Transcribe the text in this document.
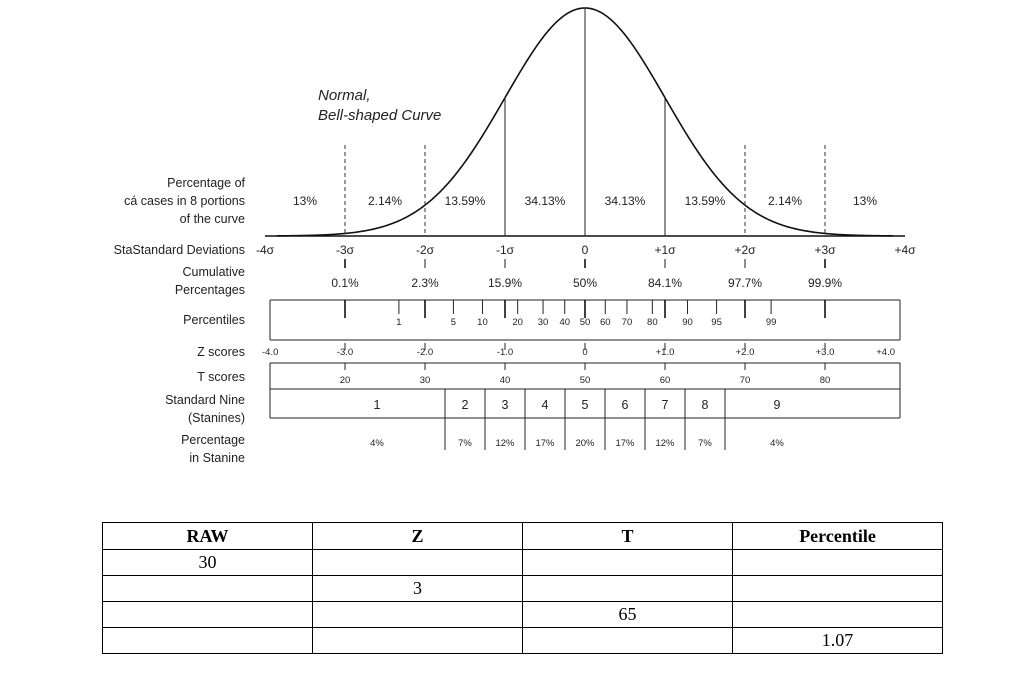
Normal,
Bell-shaped Curve
Percentage of
cá cases in 8 portions
of the curve
StaStandard Deviations
Cumulative
Percentages
Percentiles
Z scores
T scores
Standard Nine
(Stanines)
Percentage
in Stanine
13%	2.14%	13.59%	34.13%	34.13%	13.59%	2.14%	13%
-4σ	-3σ	-2σ	-1σ	0	+1σ	+2σ	+3σ	+4σ
0.1%	2.3%	15.9%	50%	84.1%	97.7%	99.9%
1	5 10	20 30 40 50 60 70 80	90 95	99
-4.0	-3.0	-2.0	-1.0	0	+1.0	+2.0	+3.0	+4.0
20	30	40	50	60	70	80
1	2	3	4	5	6	7	8	9
4%	7% 12% 17% 20% 17% 12% 7%	4%
RAW	Z	T	Percentile
30			
	3		
		65	
			1.07
